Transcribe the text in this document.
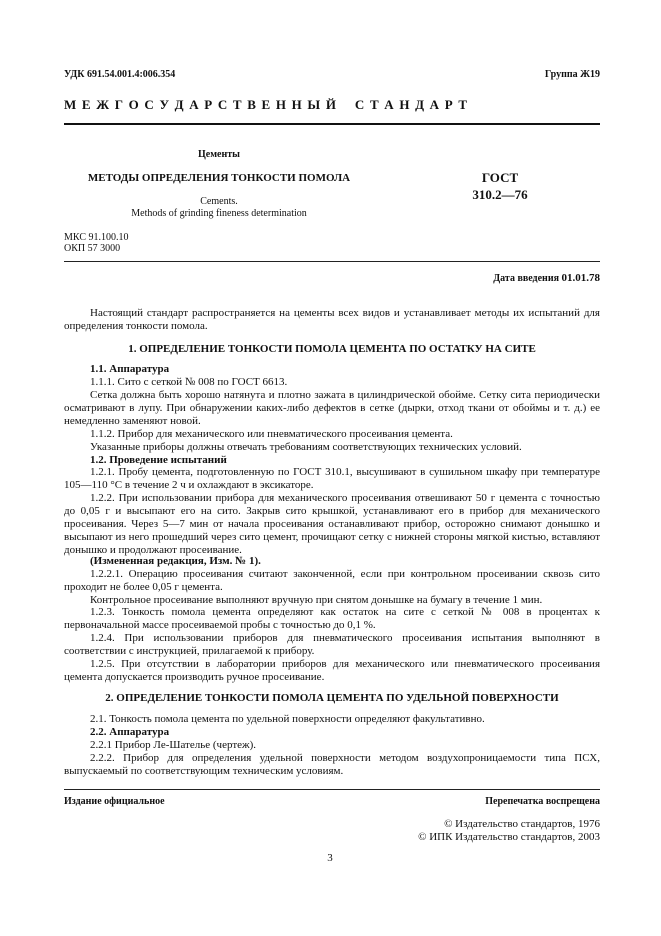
УДК 691.54.001.4:006.354	Группа Ж19
М Е Ж Г О С У Д А Р С Т В Е Н Н Ы Й    С Т А Н Д А Р Т
Цементы
МЕТОДЫ ОПРЕДЕЛЕНИЯ ТОНКОСТИ ПОМОЛА
Cements.
Methods of grinding fineness determination
ГОСТ
310.2—76
МКС 91.100.10
ОКП 57 3000
Дата введения 01.01.78
Настоящий стандарт распространяется на цементы всех видов и устанавливает методы их испытаний для определения тонкости помола.
1. ОПРЕДЕЛЕНИЕ ТОНКОСТИ ПОМОЛА ЦЕМЕНТА ПО ОСТАТКУ НА СИТЕ
1.1. Аппаратура
1.1.1. Сито с сеткой № 008 по ГОСТ 6613.
Сетка должна быть хорошо натянута и плотно зажата в цилиндрической обойме. Сетку сита периодически осматривают в лупу. При обнаружении каких-либо дефектов в сетке (дырки, отход ткани от обоймы и т. д.) ее немедленно заменяют новой.
1.1.2. Прибор для механического или пневматического просеивания цемента.
Указанные приборы должны отвечать требованиям соответствующих технических условий.
1.2. Проведение испытаний
1.2.1. Пробу цемента, подготовленную по ГОСТ 310.1, высушивают в сушильном шкафу при температуре 105—110 °С в течение 2 ч и охлаждают в эксикаторе.
1.2.2. При использовании прибора для механического просеивания отвешивают 50 г цемента с точностью до 0,05 г и высыпают его на сито. Закрыв сито крышкой, устанавливают его в прибор для механического просеивания. Через 5—7 мин от начала просеивания останавливают прибор, осторожно снимают донышко и высыпают из него прошедший через сито цемент, прочищают сетку с нижней стороны мягкой кистью, вставляют донышко и продолжают просеивание.
(Измененная редакция, Изм. № 1).
1.2.2.1. Операцию просеивания считают законченной, если при контрольном просеивании сквозь сито проходит не более 0,05 г цемента.
Контрольное просеивание выполняют вручную при снятом донышке на бумагу в течение 1 мин.
1.2.3. Тонкость помола цемента определяют как остаток на сите с сеткой № 008 в процентах к первоначальной массе просеиваемой пробы с точностью до 0,1 %.
1.2.4. При использовании приборов для пневматического просеивания испытания выполняют в соответствии с инструкцией, прилагаемой к прибору.
1.2.5. При отсутствии в лаборатории приборов для механического или пневматического просеивания цемента допускается производить ручное просеивание.
2. ОПРЕДЕЛЕНИЕ ТОНКОСТИ ПОМОЛА ЦЕМЕНТА ПО УДЕЛЬНОЙ ПОВЕРХНОСТИ
2.1. Тонкость помола цемента по удельной поверхности определяют факультативно.
2.2. Аппаратура
2.2.1 Прибор Ле-Шателье (чертеж).
2.2.2. Прибор для определения удельной поверхности методом воздухопроницаемости типа ПСХ, выпускаемый по соответствующим техническим условиям.
Издание официальное	Перепечатка воспрещена
© Издательство стандартов, 1976
© ИПК Издательство стандартов, 2003
3
